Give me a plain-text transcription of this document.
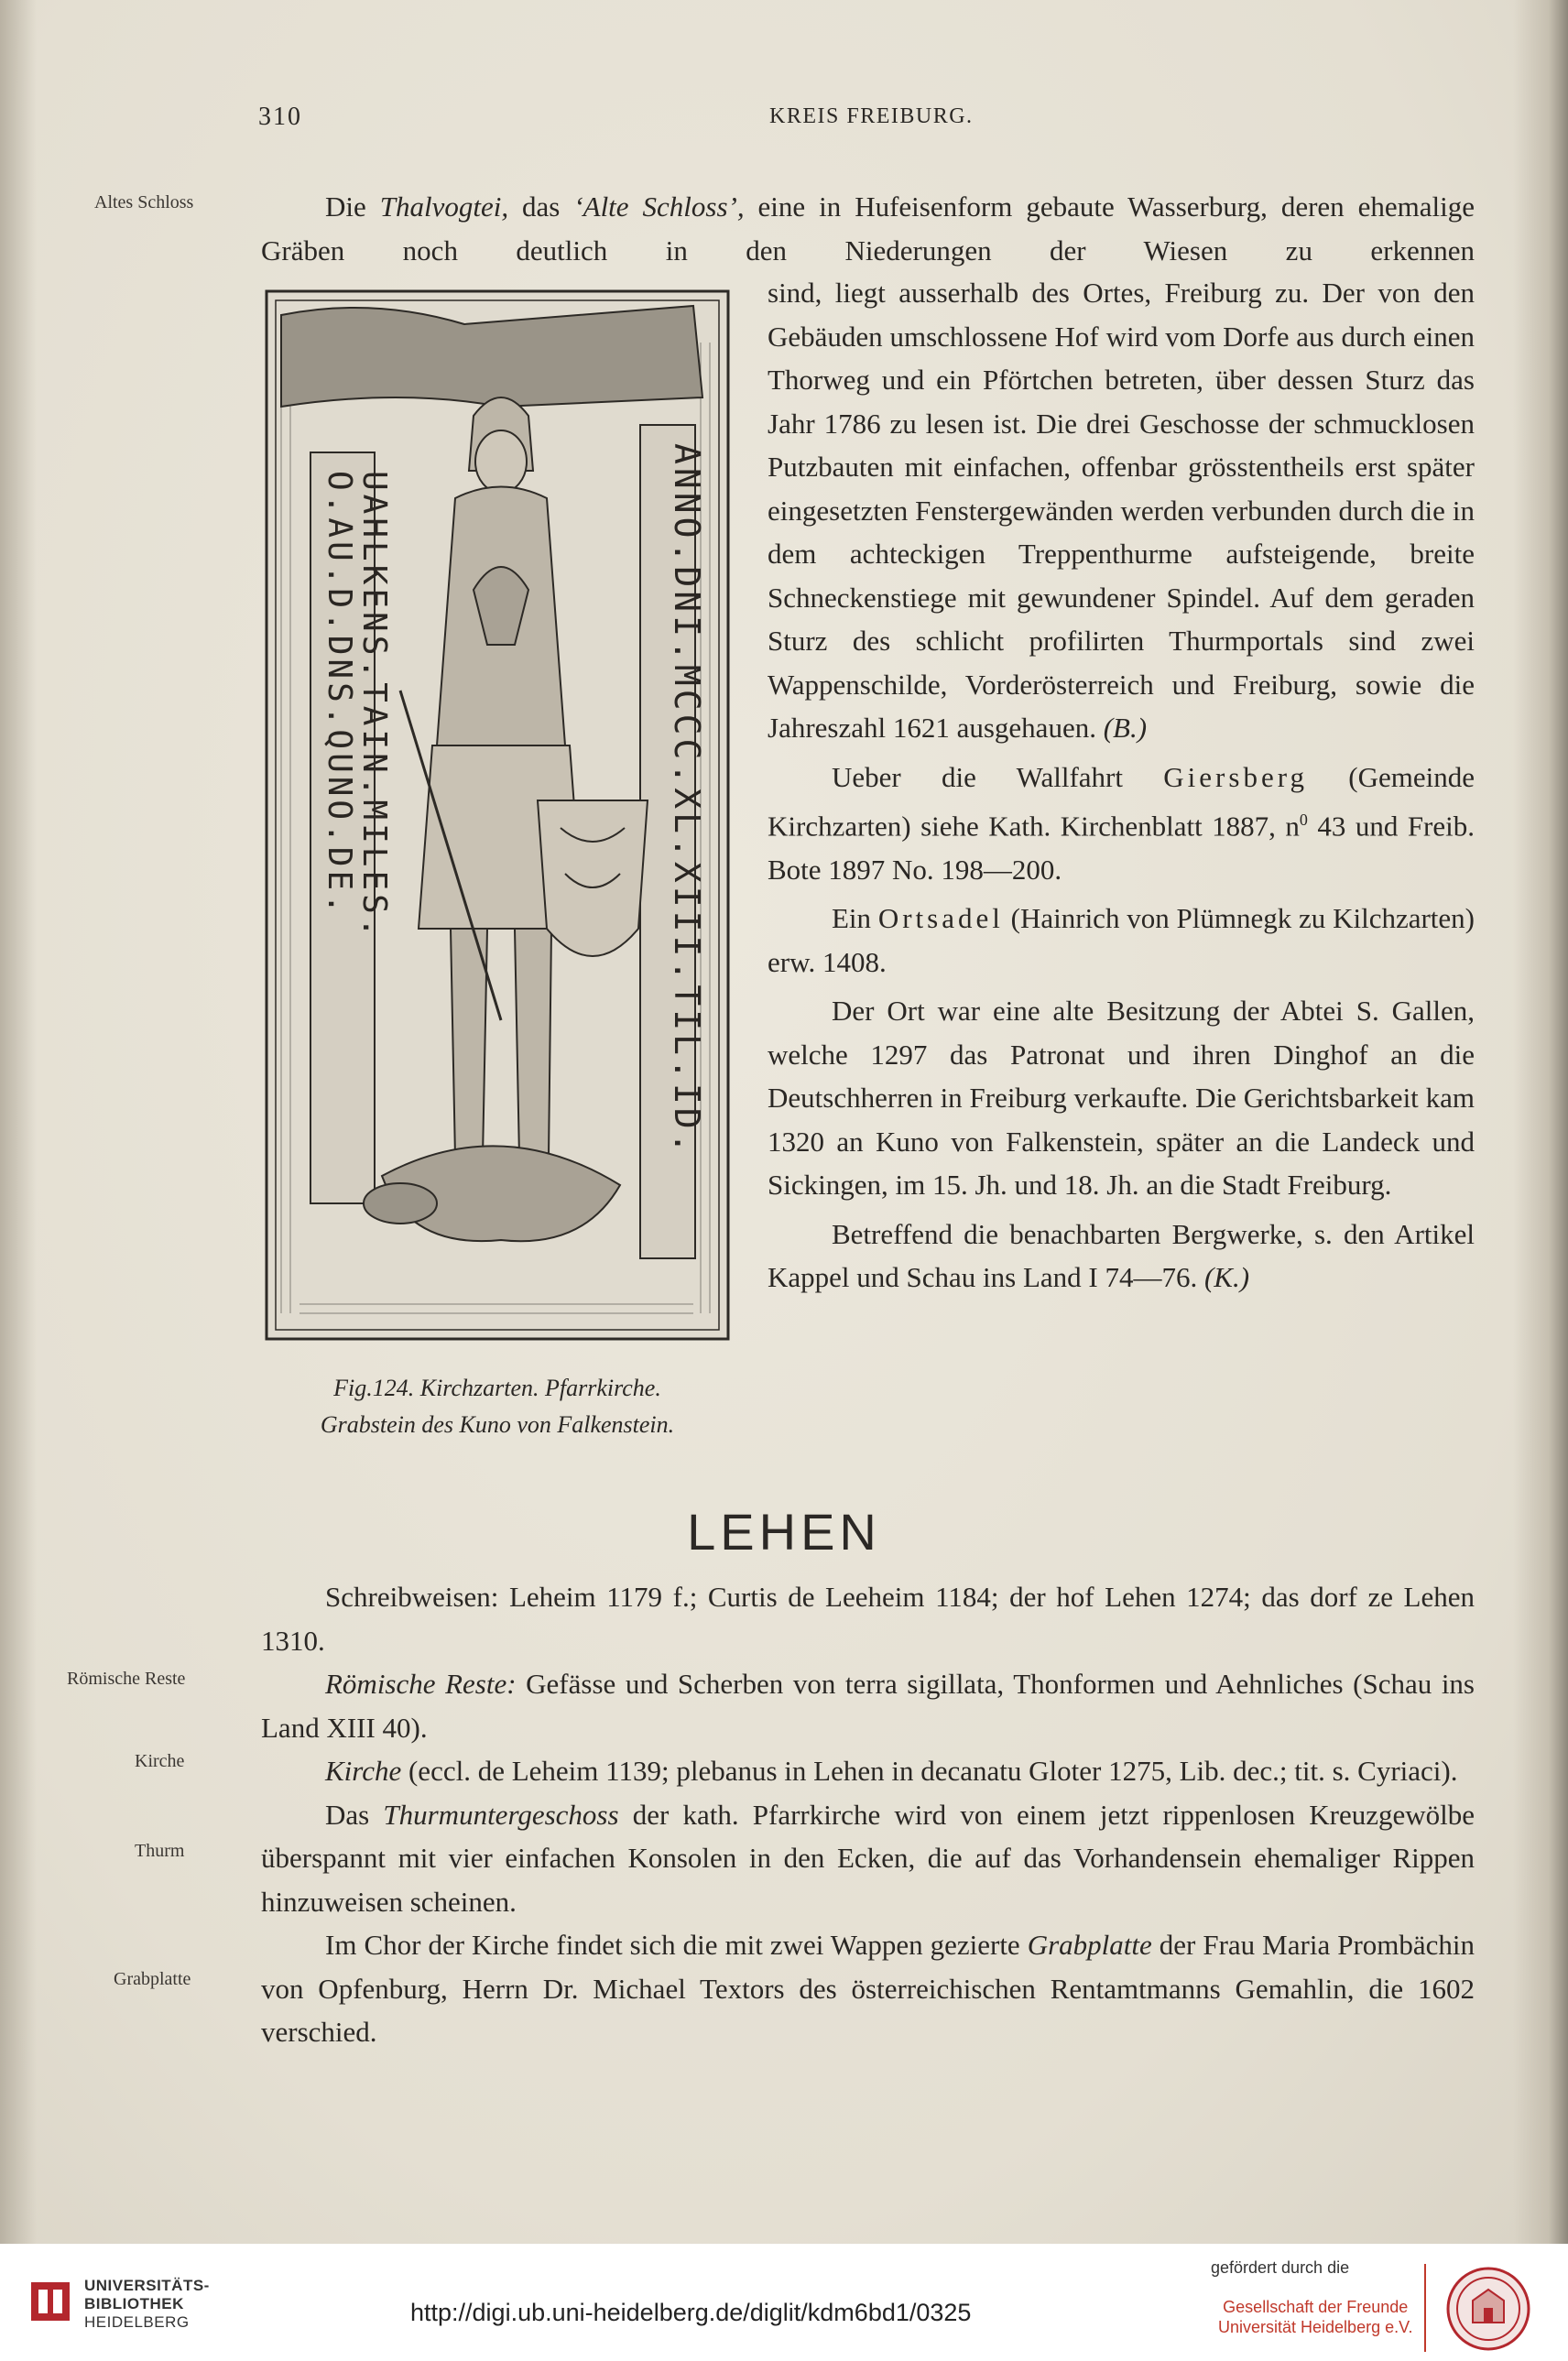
310	KREIS FREIBURG.
Altes Schloss
Römische Reste
Kirche
Thurm
Grabplatte

Die Thalvogtei, das ‘Alte Schloss’, eine in Hufeisenform gebaute Wasserburg, deren ehemalige Gräben noch deutlich in den Niederungen der Wiesen zu erkennen

sind, liegt ausserhalb des Ortes, Freiburg zu. Der von den Gebäuden umschlossene Hof wird vom Dorfe aus durch einen Thorweg und ein Pförtchen betreten, über dessen Sturz das Jahr 1786 zu lesen ist. Die drei Geschosse der schmucklosen Putzbauten mit einfachen, offenbar grösstentheils erst später eingesetzten Fenstergewänden werden verbunden durch die in dem achteckigen Treppenthurme aufsteigende, breite Schneckenstiege mit gewundener Spindel. Auf dem geraden Sturz des schlicht profilirten Thurmportals sind zwei Wappenschilde, Vorderösterreich und Freiburg, sowie die Jahreszahl 1621 ausgehauen. (B.)

Ueber die Wallfahrt Giersberg (Gemeinde Kirchzarten) siehe Kath. Kirchenblatt 1887, $n^0$ 43 und Freib. Bote 1897 No. 198—200.

Ein Ortsadel (Hainrich von Plümnegk zu Kilchzarten) erw. 1408.

Der Ort war eine alte Besitzung der Abtei S. Gallen, welche 1297 das Patronat und ihren Dinghof an die Deutschherren in Freiburg verkaufte. Die Gerichtsbarkeit kam 1320 an Kuno von Falkenstein, später an die Landeck und Sickingen, im 15. Jh. und 18. Jh. an die Stadt Freiburg.

Betreffend die benachbarten Bergwerke, s. den Artikel Kappel und Schau ins Land I 74—76. (K.)

ANNO.DNI.MCCC.XL.XIII.TIL.ID.
O.AU.D.DNS.QUNO.DE.
UAHLKENS.TAIN.MILES.
Fig.124. Kirchzarten. Pfarrkirche.
Grabstein des Kuno von Falkenstein.
LEHEN

Schreibweisen: Leheim 1179 f.; Curtis de Leeheim 1184; der hof Lehen 1274; das dorf ze Lehen 1310.

Römische Reste: Gefässe und Scherben von terra sigillata, Thonformen und Aehnliches (Schau ins Land XIII 40).

Kirche (eccl. de Leheim 1139; plebanus in Lehen in decanatu Gloter 1275, Lib. dec.; tit. s. Cyriaci).

Das Thurmuntergeschoss der kath. Pfarrkirche wird von einem jetzt rippenlosen Kreuzgewölbe überspannt mit vier einfachen Konsolen in den Ecken, die auf das Vorhandensein ehemaliger Rippen hinzuweisen scheinen.

Im Chor der Kirche findet sich die mit zwei Wappen gezierte Grabplatte der Frau Maria Prombächin von Opfenburg, Herrn Dr. Michael Textors des österreichischen Rentamtmanns Gemahlin, die 1602 verschied.

UNIVERSITÄTS-
BIBLIOTHEK
HEIDELBERG	http://digi.ub.uni-heidelberg.de/diglit/kdm6bd1/0325
gefördert durch die
Gesellschaft der Freunde
Universität Heidelberg e.V.
